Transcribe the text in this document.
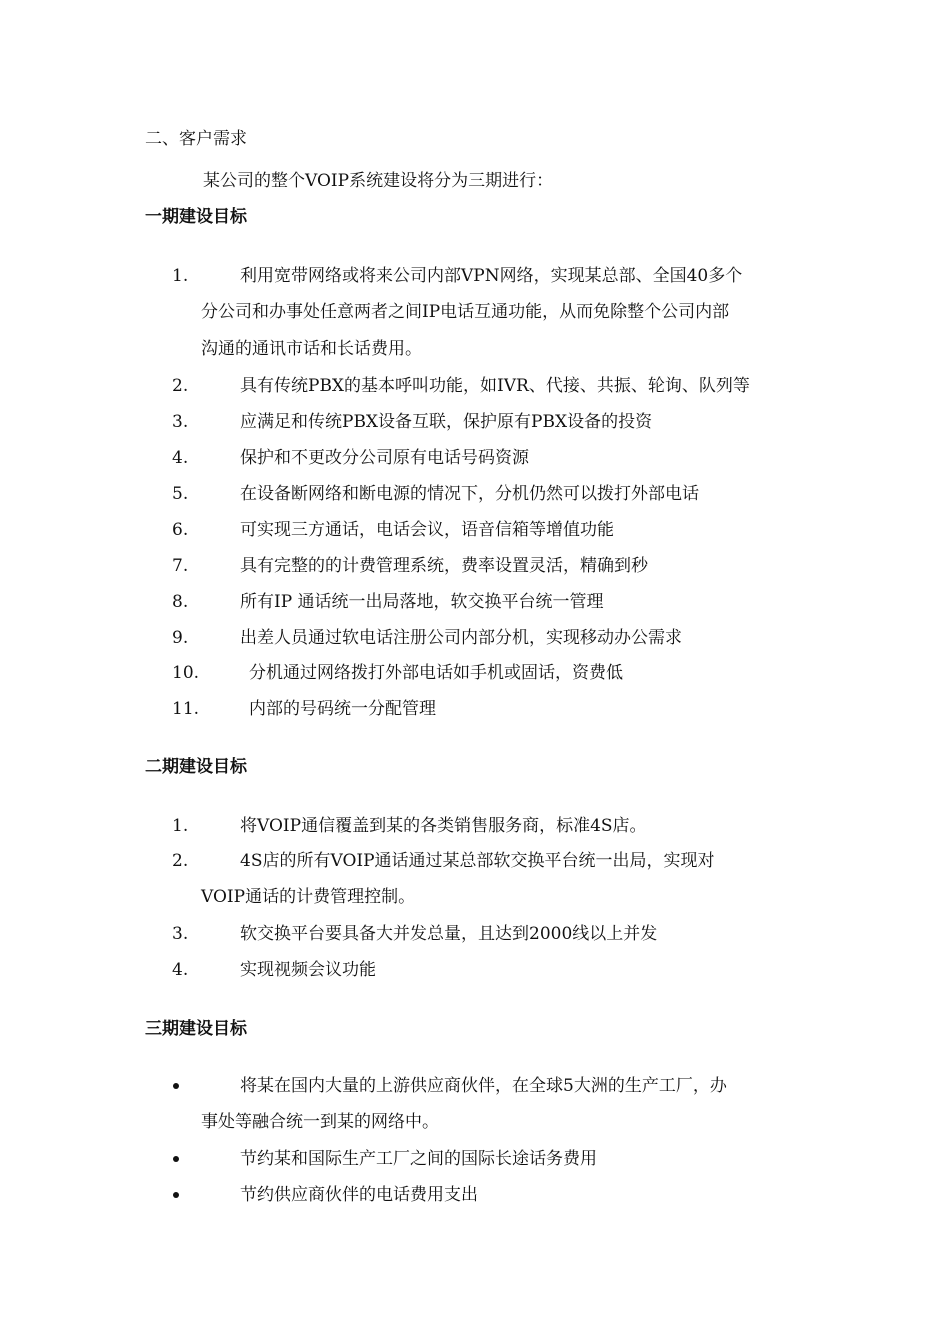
二、客户需求
某公司的整个VOIP系统建设将分为三期进行：
一期建设目标
1.	利用宽带网络或将来公司内部VPN网络，实现某总部、全国40多个
分公司和办事处任意两者之间IP电话互通功能，从而免除整个公司内部
沟通的通讯市话和长话费用。
2.	具有传统PBX的基本呼叫功能，如IVR、代接、共振、轮询、队列等
3.	应满足和传统PBX设备互联，保护原有PBX设备的投资
4.	保护和不更改分公司原有电话号码资源
5.	在设备断网络和断电源的情况下，分机仍然可以拨打外部电话
6.	可实现三方通话，电话会议，语音信箱等增值功能
7.	具有完整的的计费管理系统，费率设置灵活，精确到秒
8.	所有IP 通话统一出局落地，软交换平台统一管理
9.	出差人员通过软电话注册公司内部分机，实现移动办公需求
10.	分机通过网络拨打外部电话如手机或固话，资费低
11.	内部的号码统一分配管理
二期建设目标
1.	将VOIP通信覆盖到某的各类销售服务商，标准4S店。
2.	4S店的所有VOIP通话通过某总部软交换平台统一出局，实现对
VOIP通话的计费管理控制。
3.	软交换平台要具备大并发总量，且达到2000线以上并发
4.	实现视频会议功能
三期建设目标
将某在国内大量的上游供应商伙伴，在全球5大洲的生产工厂，办
事处等融合统一到某的网络中。
节约某和国际生产工厂之间的国际长途话务费用
节约供应商伙伴的电话费用支出
